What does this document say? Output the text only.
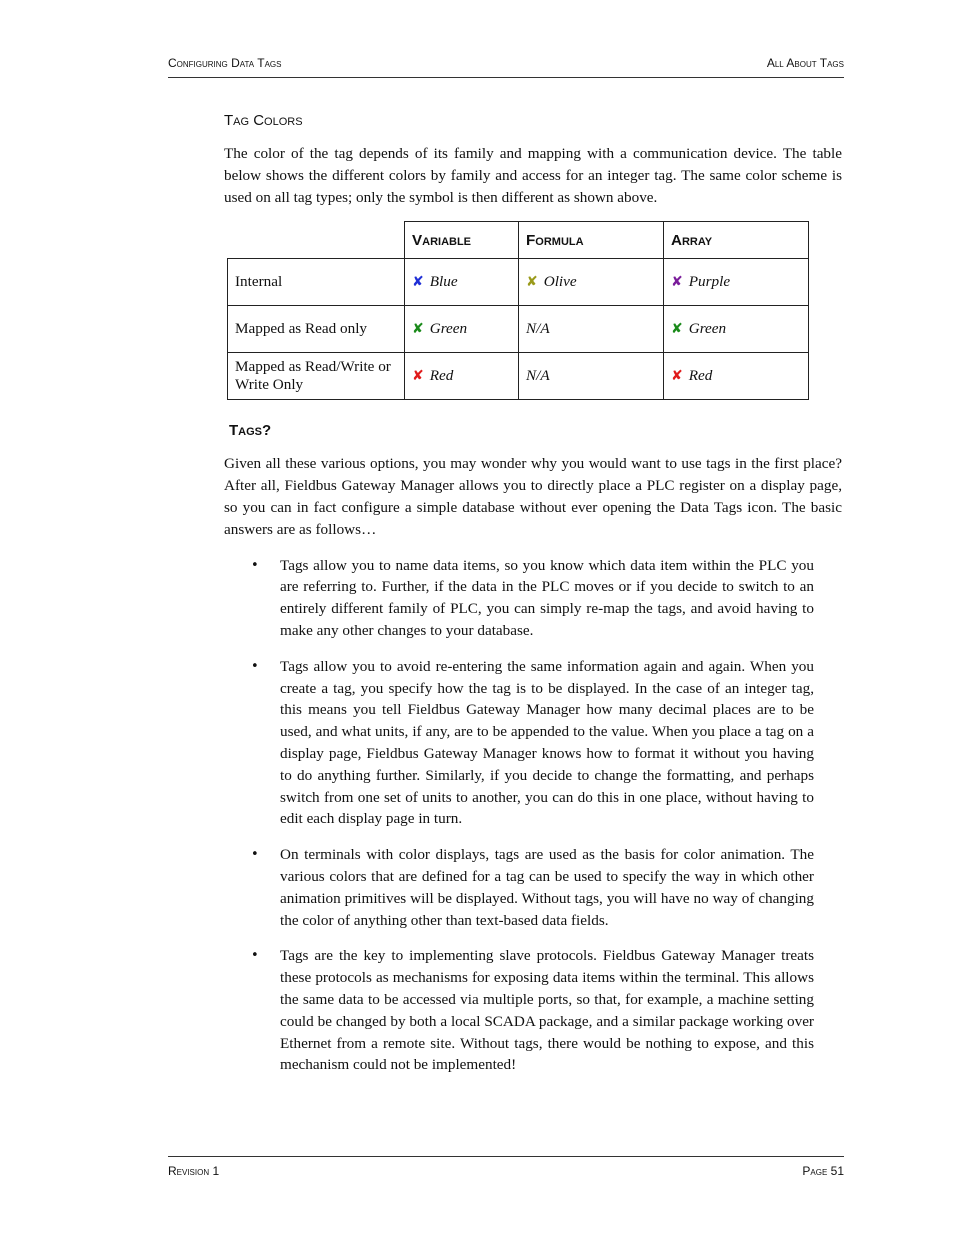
Configuring Data Tags	All About Tags
Tag Colors

The color of the tag depends of its family and mapping with a communication device. The table below shows the different colors by family and access for an integer tag. The same color scheme is used on all tag types; only the symbol is then different as shown above.

	Variable	Formula	Array
Internal	✘ Blue	✘ Olive	✘ Purple
Mapped as Read only	✘ Green	N/A	✘ Green
Mapped as Read/Write or Write Only	✘ Red	N/A	✘ Red
Tags?

Given all these various options, you may wonder why you would want to use tags in the first place? After all, Fieldbus Gateway Manager allows you to directly place a PLC register on a display page, so you can in fact configure a simple database without ever opening the Data Tags icon. The basic answers are as follows…

• Tags allow you to name data items, so you know which data item within the PLC you are referring to. Further, if the data in the PLC moves or if you decide to switch to an entirely different family of PLC, you can simply re-map the tags, and avoid having to make any other changes to your database.
• Tags allow you to avoid re-entering the same information again and again. When you create a tag, you specify how the tag is to be displayed. In the case of an integer tag, this means you tell Fieldbus Gateway Manager how many decimal places are to be used, and what units, if any, are to be appended to the value. When you place a tag on a display page, Fieldbus Gateway Manager knows how to format it without you having to do anything further. Similarly, if you decide to change the formatting, and perhaps switch from one set of units to another, you can do this in one place, without having to edit each display page in turn.
• On terminals with color displays, tags are used as the basis for color animation. The various colors that are defined for a tag can be used to specify the way in which other animation primitives will be displayed. Without tags, you will have no way of changing the color of anything other than text-based data fields.
• Tags are the key to implementing slave protocols. Fieldbus Gateway Manager treats these protocols as mechanisms for exposing data items within the terminal. This allows the same data to be accessed via multiple ports, so that, for example, a machine setting could be changed by both a local SCADA package, and a similar package working over Ethernet from a remote site. Without tags, there would be nothing to expose, and this mechanism could not be implemented!
Revision 1	Page 51
